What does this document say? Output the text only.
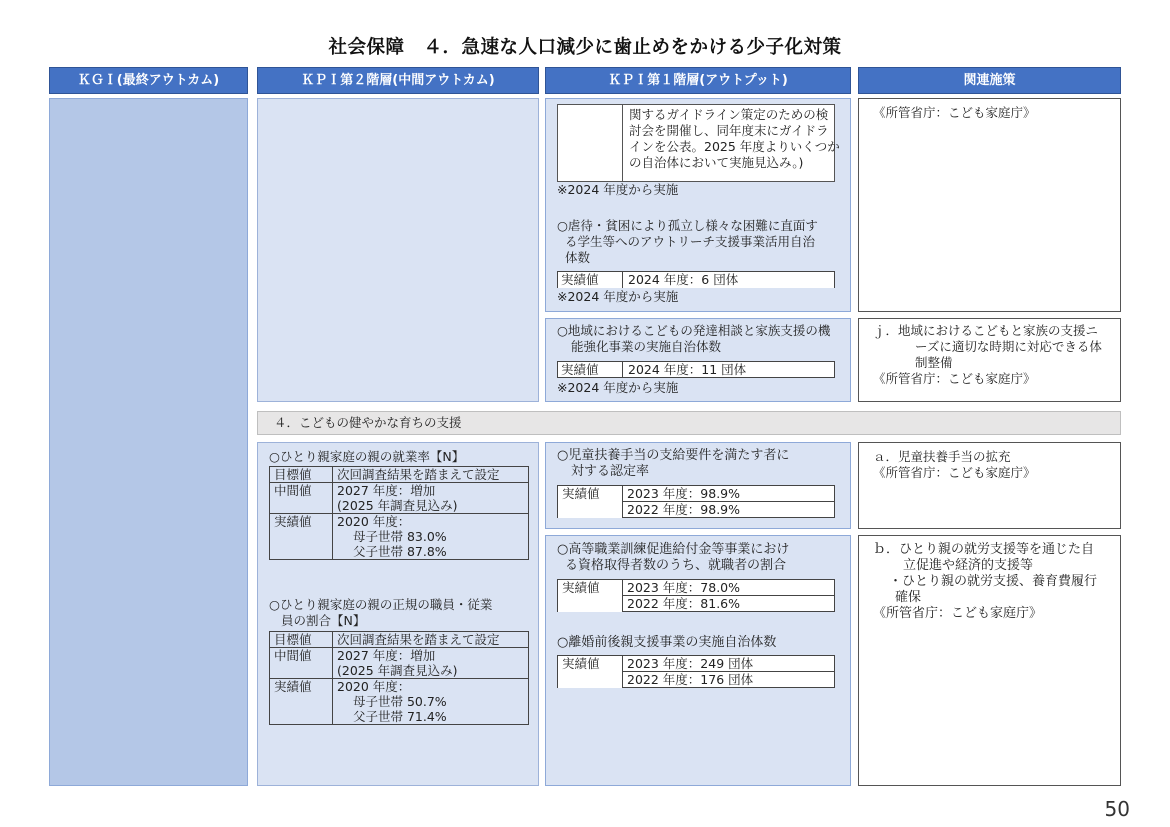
社会保障　４．急速な人口減少に歯止めをかける少子化対策
ＫＧＩ(最終アウトカム)	ＫＰＩ第２階層(中間アウトカム)	ＫＰＩ第１階層(アウトプット)	関連施策
関するガイドライン策定のための検
討会を開催し、同年度末にガイドラ
インを公表。2025 年度よりいくつか
の自治体において実施見込み。)
※2024 年度から実施
○虐待・貧困により孤立し様々な困難に直面す
る学生等へのアウトリーチ支援事業活用自治
体数
実績値 2024 年度：6 団体
※2024 年度から実施
《所管省庁：こども家庭庁》
○地域におけるこどもの発達相談と家族支援の機
能強化事業の実施自治体数
実績値 2024 年度：11 団体
※2024 年度から実施
ｊ．地域におけるこどもと家族の支援ニ
ーズに適切な時期に対応できる体
制整備
《所管省庁：こども家庭庁》
４．こどもの健やかな育ちの支援
○ひとり親家庭の親の就業率【N】
目標値	次回調査結果を踏まえて設定
中間値	2027 年度：増加
(2025 年調査見込み)

実績値	2020 年度：
母子世帯 83.0%
父子世帯 87.8%
○ひとり親家庭の親の正規の職員・従業
員の割合【N】
目標値	次回調査結果を踏まえて設定
中間値	2027 年度：増加
(2025 年調査見込み)

実績値	2020 年度：
母子世帯 50.7%
父子世帯 71.4%
○児童扶養手当の支給要件を満たす者に
対する認定率
実績値	2023 年度：98.9%
2022 年度：98.9%
ａ．児童扶養手当の拡充
《所管省庁：こども家庭庁》
○高等職業訓練促進給付金等事業におけ
る資格取得者数のうち、就職者の割合
実績値	2023 年度：78.0%
2022 年度：81.6%
○離婚前後親支援事業の実施自治体数
実績値	2023 年度：249 団体
2022 年度：176 団体
ｂ．ひとり親の就労支援等を通じた自
立促進や経済的支援等
・ひとり親の就労支援、養育費履行
確保
《所管省庁：こども家庭庁》
50
